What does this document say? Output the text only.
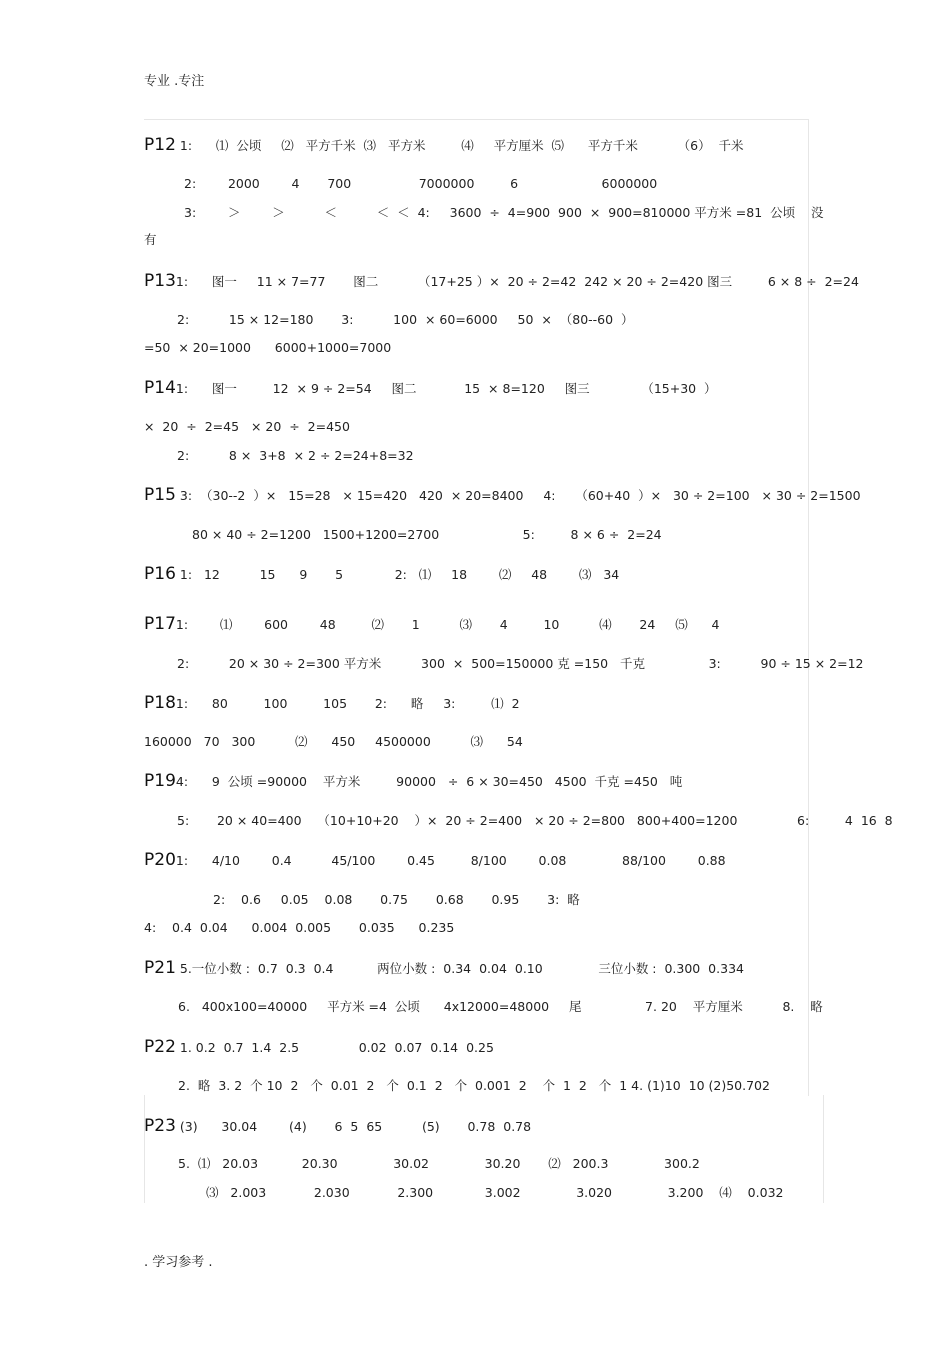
专业 .专注
P12 1:      ⑴  公顷     ⑵   平方千米  ⑶   平方米         ⑷     平方厘米  ⑸      平方千米          （6）  千米
2:        2000        4       700                 7000000         6                     6000000
3:        ＞        ＞          ＜          ＜  ＜  4:     3600  ÷  4=900  900  ×  900=810000 平方米 =81  公顷    没
有
P131:      图一     11 × 7=77       图二          （17+25 ）×  20 ÷ 2=42  242 × 20 ÷ 2=420 图三         6 × 8 ÷  2=24
2:          15 × 12=180       3:          100  × 60=6000     50  ×  （80--60  ）
=50  × 20=1000      6000+1000=7000
P141:      图一         12  × 9 ÷ 2=54     图二            15  × 8=120     图三             （15+30  ）
×  20  ÷  2=45   × 20  ÷  2=450
2:          8 ×  3+8  × 2 ÷ 2=24+8=32
P15 3:  （30--2  ）×   15=28   × 15=420   420  × 20=8400     4:     （60+40  ）×   30 ÷ 2=100   × 30 ÷ 2=1500
80 × 40 ÷ 2=1200   1500+1200=2700                     5:         8 × 6 ÷  2=24
P16 1:   12          15      9       5             2:   ⑴     18        ⑵     48        ⑶   34
P171:        ⑴        600        48         ⑵       1          ⑶       4         10          ⑷       24     ⑸      4
2:          20 × 30 ÷ 2=300 平方米          300  ×  500=150000 克 =150   千克                3:          90 ÷ 15 × 2=12
P181:      80         100         105       2:      略     3:         ⑴  2
160000   70   300          ⑵      450     4500000          ⑶      54
P194:      9  公顷 =90000    平方米         90000   ÷  6 × 30=450   4500  千克 =450   吨
5:       20 × 40=400    （10+10+20    ）×  20 ÷ 2=400   × 20 ÷ 2=800   800+400=1200               6:         4  16  8
P201:      4/10        0.4          45/100        0.45         8/100        0.08              88/100        0.88
2:    0.6     0.05    0.08       0.75       0.68       0.95       3:  略
4:    0.4  0.04      0.004  0.005       0.035      0.235
P21 5.一位小数 :  0.7  0.3  0.4           两位小数 :  0.34  0.04  0.10              三位小数 :  0.300  0.334
6.   400x100=40000     平方米 =4  公顷      4x12000=48000     尾                7. 20    平方厘米          8.    略
P22 1. 0.2  0.7  1.4  2.5               0.02  0.07  0.14  0.25
2.  略  3. 2  个 10  2   个  0.01  2   个  0.1  2   个  0.001  2    个  1  2   个  1 4. (1)10  10 (2)50.702
P23 (3)      30.04        (4)       6  5  65          (5)       0.78  0.78
5.  ⑴   20.03           20.30              30.02              30.20       ⑵   200.3              300.2
⑶   2.003            2.030            2.300             3.002              3.020              3.200    ⑷    0.032
. 学习参考 .
